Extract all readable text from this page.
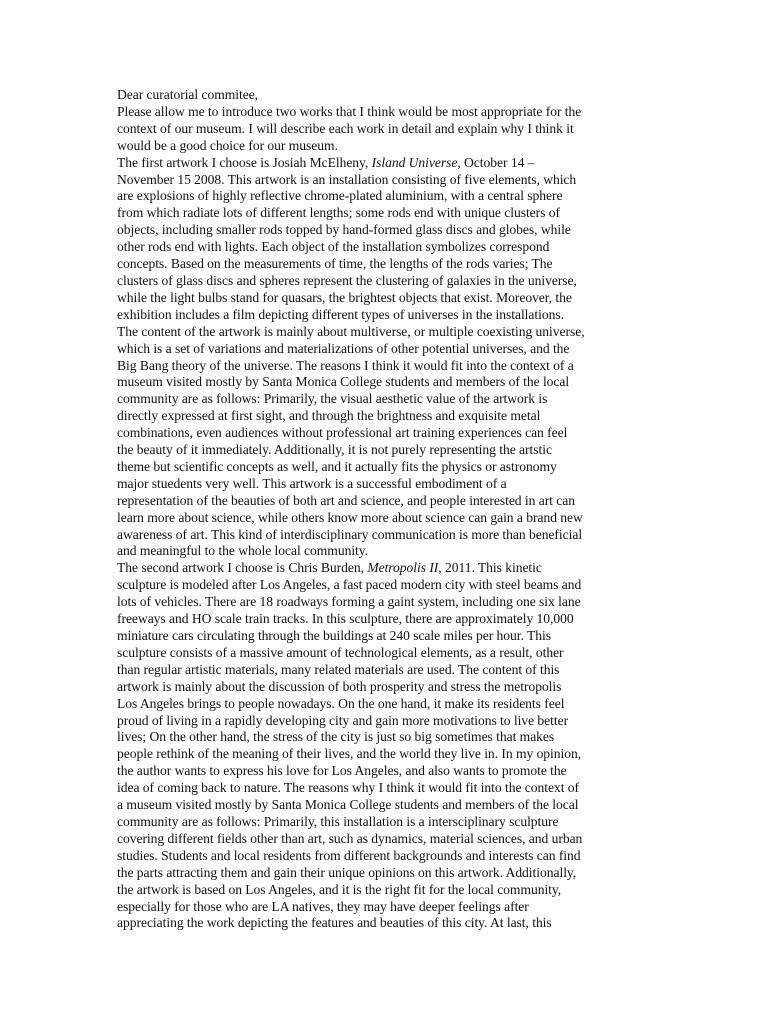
Dear curatorial commitee,

Please allow me to introduce two works that I think would be most appropriate for the
context of our museum. I will describe each work in detail and explain why I think it
would be a good choice for our museum.

The first artwork I choose is Josiah McElheny, Island Universe, October 14 –
November 15 2008. This artwork is an installation consisting of five elements, which
are explosions of highly reflective chrome-plated aluminium, with a central sphere
from which radiate lots of different lengths; some rods end with unique clusters of
objects, including smaller rods topped by hand-formed glass discs and globes, while
other rods end with lights. Each object of the installation symbolizes correspond
concepts. Based on the measurements of time, the lengths of the rods varies; The
clusters of glass discs and spheres represent the clustering of galaxies in the universe,
while the light bulbs stand for quasars, the brightest objects that exist. Moreover, the
exhibition includes a film depicting different types of universes in the installations.
The content of the artwork is mainly about multiverse, or multiple coexisting universe,
which is a set of variations and materializations of other potential universes, and the
Big Bang theory of the universe. The reasons I think it would fit into the context of a
museum visited mostly by Santa Monica College students and members of the local
community are as follows: Primarily, the visual aesthetic value of the artwork is
directly expressed at first sight, and through the brightness and exquisite metal
combinations, even audiences without professional art training experiences can feel
the beauty of it immediately. Additionally, it is not purely representing the artstic
theme but scientific concepts as well, and it actually fits the physics or astronomy
major stuedents very well. This artwork is a successful embodiment of a
representation of the beauties of both art and science, and people interested in art can
learn more about science, while others know more about science can gain a brand new
awareness of art. This kind of interdisciplinary communication is more than beneficial
and meaningful to the whole local community.

The second artwork I choose is Chris Burden, Metropolis II, 2011. This kinetic
sculpture is modeled after Los Angeles, a fast paced modern city with steel beams and
lots of vehicles. There are 18 roadways forming a gaint system, including one six lane
freeways and HO scale train tracks. In this sculpture, there are approximately 10,000
miniature cars circulating through the buildings at 240 scale miles per hour. This
sculpture consists of a massive amount of technological elements, as a result, other
than regular artistic materials, many related materials are used. The content of this
artwork is mainly about the discussion of both prosperity and stress the metropolis
Los Angeles brings to people nowadays. On the one hand, it make its residents feel
proud of living in a rapidly developing city and gain more motivations to live better
lives; On the other hand, the stress of the city is just so big sometimes that makes
people rethink of the meaning of their lives, and the world they live in. In my opinion,
the author wants to express his love for Los Angeles, and also wants to promote the
idea of coming back to nature. The reasons why I think it would fit into the context of
a museum visited mostly by Santa Monica College students and members of the local
community are as follows: Primarily, this installation is a intersciplinary sculpture
covering different fields other than art, such as dynamics, material sciences, and urban
studies. Students and local residents from different backgrounds and interests can find
the parts attracting them and gain their unique opinions on this artwork. Additionally,
the artwork is based on Los Angeles, and it is the right fit for the local community,
especially for those who are LA natives, they may have deeper feelings after
appreciating the work depicting the features and beauties of this city. At last, this
